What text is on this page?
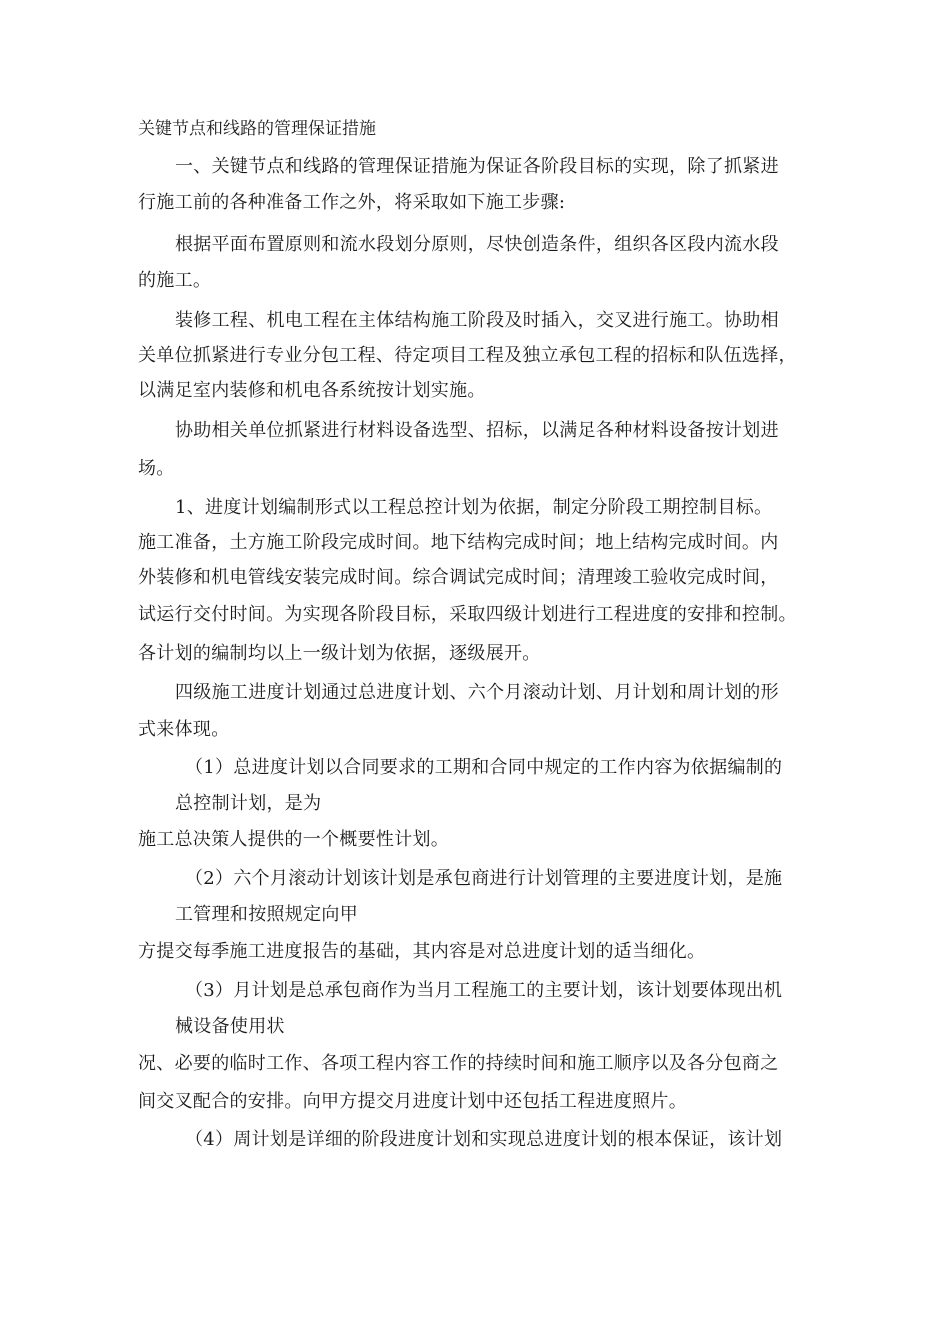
关键节点和线路的管理保证措施
一、关键节点和线路的管理保证措施为保证各阶段目标的实现，除了抓紧进
行施工前的各种准备工作之外，将采取如下施工步骤:
根据平面布置原则和流水段划分原则，尽快创造条件，组织各区段内流水段
的施工。
装修工程、机电工程在主体结构施工阶段及时插入，交叉进行施工。协助相
关单位抓紧进行专业分包工程、待定项目工程及独立承包工程的招标和队伍选择，
以满足室内装修和机电各系统按计划实施。
协助相关单位抓紧进行材料设备选型、招标，以满足各种材料设备按计划进
场。
1、进度计划编制形式以工程总控计划为依据，制定分阶段工期控制目标。
施工准备，土方施工阶段完成时间。地下结构完成时间；地上结构完成时间。内
外装修和机电管线安装完成时间。综合调试完成时间；清理竣工验收完成时间，
试运行交付时间。为实现各阶段目标，采取四级计划进行工程进度的安排和控制。
各计划的编制均以上一级计划为依据，逐级展开。
四级施工进度计划通过总进度计划、六个月滚动计划、月计划和周计划的形
式来体现。
（1）总进度计划以合同要求的工期和合同中规定的工作内容为依据编制的
总控制计划，是为
施工总决策人提供的一个概要性计划。
（2）六个月滚动计划该计划是承包商进行计划管理的主要进度计划，是施
工管理和按照规定向甲
方提交每季施工进度报告的基础，其内容是对总进度计划的适当细化。
（3）月计划是总承包商作为当月工程施工的主要计划，该计划要体现出机
械设备使用状
况、必要的临时工作、各项工程内容工作的持续时间和施工顺序以及各分包商之
间交叉配合的安排。向甲方提交月进度计划中还包括工程进度照片。
（4）周计划是详细的阶段进度计划和实现总进度计划的根本保证，该计划
